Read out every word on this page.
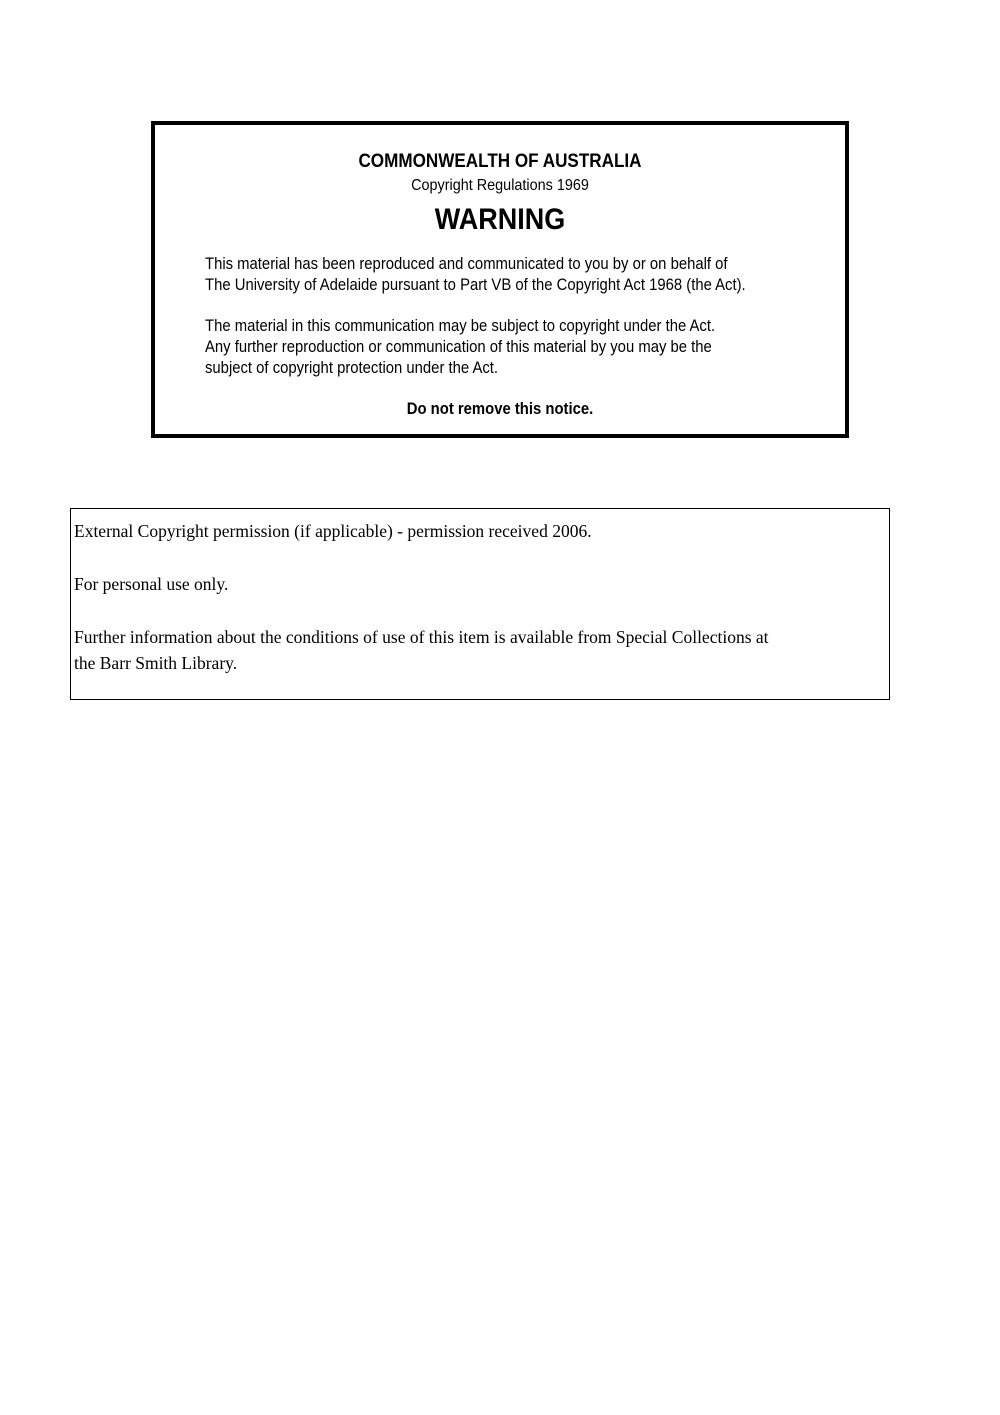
COMMONWEALTH OF AUSTRALIA
Copyright Regulations 1969
WARNING
This material has been reproduced and communicated to you by or on behalf of
The University of Adelaide pursuant to Part VB of the Copyright Act 1968 (the Act).
The material in this communication may be subject to copyright under the Act.
Any further reproduction or communication of this material by you may be the
subject of copyright protection under the Act.
Do not remove this notice.
External Copyright permission (if applicable) - permission received 2006.
For personal use only.
Further information about the conditions of use of this item is available from Special Collections at
the Barr Smith Library.
